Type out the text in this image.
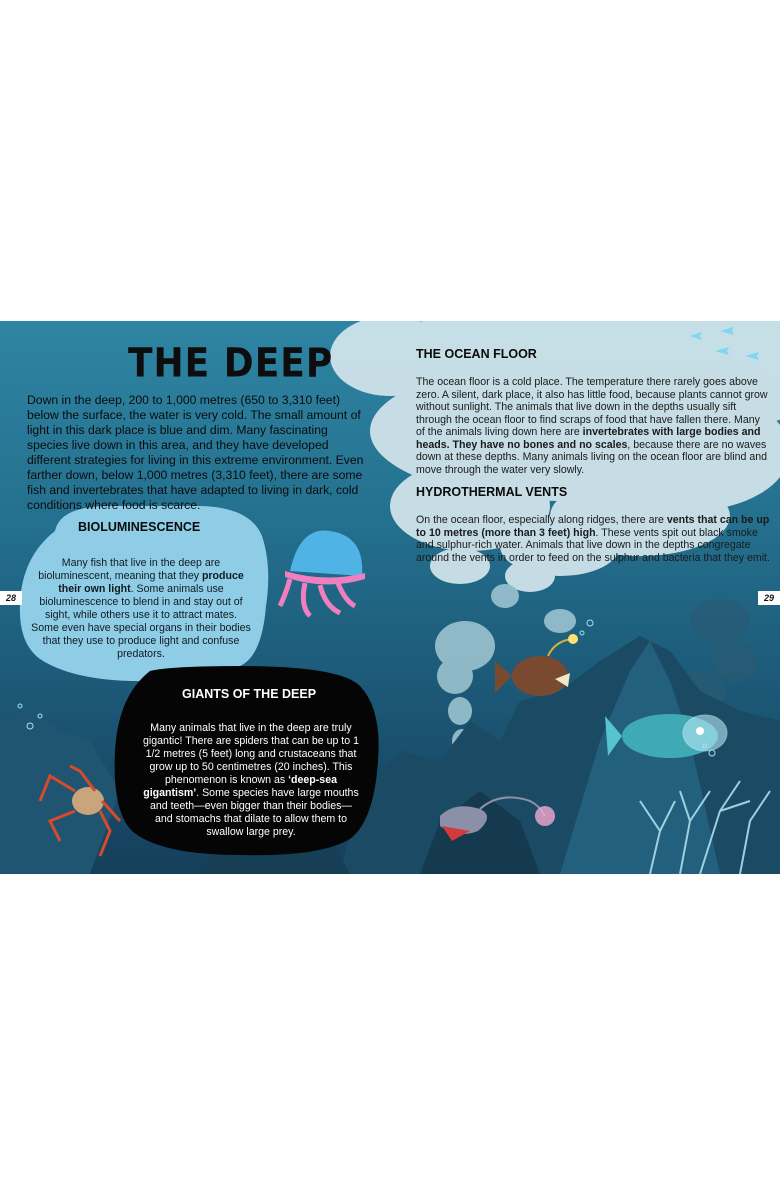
THE DEEP

Down in the deep, 200 to 1,000 metres (650 to 3,310 feet) below the surface, the water is very cold. The small amount of light in this dark place is blue and dim. Many fascinating species live down in this area, and they have developed different strategies for living in this extreme environment. Even farther down, below 1,000 metres (3,310 feet), there are some fish and invertebrates that have adapted to living in dark, cold conditions where food is scarce.

BIOLUMINESCENCE

Many fish that live in the deep are bioluminescent, meaning that they produce their own light. Some animals use bioluminescence to blend in and stay out of sight, while others use it to attract mates. Some even have special organs in their bodies that they use to produce light and confuse predators.

GIANTS OF THE DEEP

Many animals that live in the deep are truly gigantic! There are spiders that can be up to 1 1/2 metres (5 feet) long and crustaceans that grow up to 50 centimetres (20 inches). This phenomenon is known as ‘deep-sea gigantism’. Some species have large mouths and teeth—even bigger than their bodies—and stomachs that dilate to allow them to swallow large prey.

THE OCEAN FLOOR

The ocean floor is a cold place. The temperature there rarely goes above zero. A silent, dark place, it also has little food, because plants cannot grow without sunlight. The animals that live down in the depths usually sift through the ocean floor to find scraps of food that have fallen there. Many of the animals living down here are invertebrates with large bodies and heads. They have no bones and no scales, because there are no waves down at these depths. Many animals living on the ocean floor are blind and move through the water very slowly.

HYDROTHERMAL VENTS

On the ocean floor, especially along ridges, there are vents that can be up to 10 metres (more than 3 feet) high. These vents spit out black smoke and sulphur-rich water. Animals that live down in the depths congregate around the vents in order to feed on the sulphur and bacteria that they emit.

28	29
